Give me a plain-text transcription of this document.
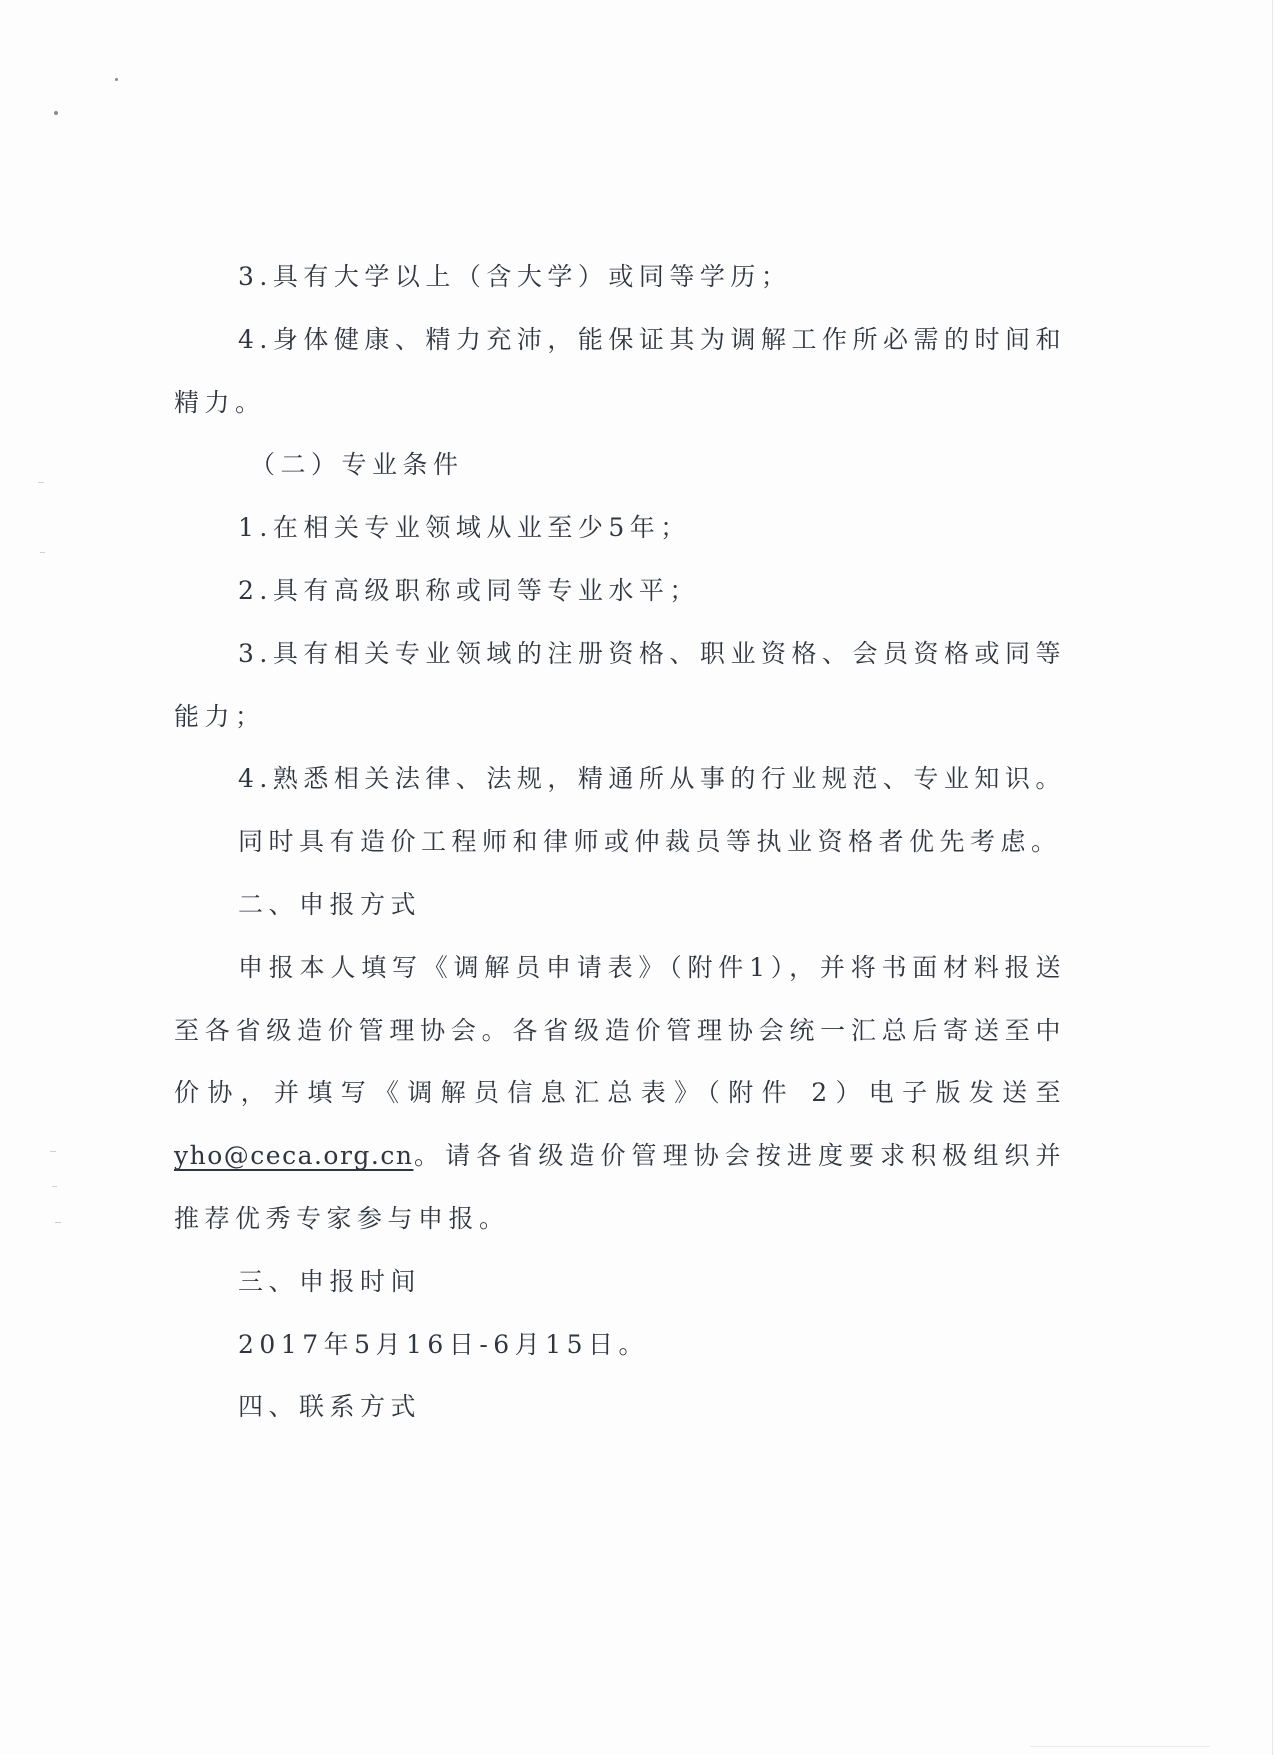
3.具有大学以上（含大学）或同等学历；

4.身体健康、精力充沛，能保证其为调解工作所必需的时间和精力。

（二）专业条件

1.在相关专业领域从业至少5年；

2.具有高级职称或同等专业水平；

3.具有相关专业领域的注册资格、职业资格、会员资格或同等能力；

4.熟悉相关法律、法规，精通所从事的行业规范、专业知识。

同时具有造价工程师和律师或仲裁员等执业资格者优先考虑。

二、申报方式

申报本人填写《调解员申请表》（附件1），并将书面材料报送至各省级造价管理协会。各省级造价管理协会统一汇总后寄送至中价协，并填写《调解员信息汇总表》（附件 2）电子版发送至 yho@ceca.org.cn。请各省级造价管理协会按进度要求积极组织并推荐优秀专家参与申报。

三、申报时间

2017年5月16日-6月15日。

四、联系方式
